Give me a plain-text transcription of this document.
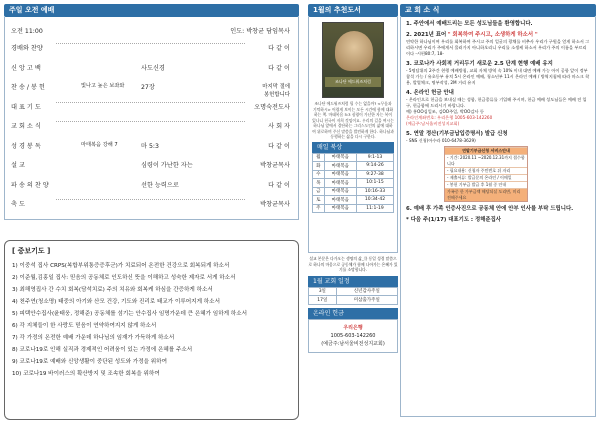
주일 오전 예배
오전 11:00	인도: 박창균 담임목사
경배와 찬양	다 같 이
신 앙 고 백	사도신경	다 같 이
찬 송 / 봉 헌	27장
빛나고 높은 보좌와	마지막 절에
봉헌합니다
대 표 기 도	오명숙전도사
교 회 소 식	사 회 자
성 경 봉 독	마 5:3
마태복음 강해 7	다 같 이
설 교	심령이 가난한 자는	박창균목사
파 송 의 찬 양	선한 능력으로	다 같 이
축 도	박창균목사
[ 중보기도 ]
1) 이중석 집사 CRPS(복합부위통증증후군)가 치료되어 온전한 건강으로 회복되게 하소서
2) 이준월,김홍일 집사: 믿음의 공동체로 인도하신 뜻을 이해하고 성숙한 제자로 서게 하소서
3) 최해영집사 간 수치 회복(담석치료) 주의 치유와 회복케 하심을 간증하게 하소서
4) 천주연(청소명) 태중의 아기와 산모 건강, 기도와 진리로 태교가 이루어지게 하소서
5) 피택안수집사(윤태웅, 정해준) 공동체를 섬기는 안수집사 임명가운데 큰 은혜가 임하게 하소서
6) 각 지체들이 한 사랑도 믿음이 연약하여지지 않게 하소서
7) 각 가정의 온전한 예배 가운데 하나님의 임재가 가득하게 하소서
8) 코로나19로 인해 실직과 경제적인 어려움이 있는 가정에 은혜를 주소서
9) 코로나19로 예배와 신앙생활이 중단된 성도와 가정을 위하여
10) 코로나19 바이러스의 확산방지 및 조속한 회복을 위하여
1월의 추천도서
조나단 에드워즈처럼
조나단 에드워즈처럼 될 수는 없을까? <무릎과 기억하시> 어렵게 보이는 모든 시간에 함께 대화하는 책. 마태복음 5:3 심령이 가난한 자는 복이 있나니 천국이 저희 것임이요. 우리의 길을 여시는 하나님 앞에서 결단하는 그리스도인의 삶에 대하여 위로하며 주신 말씀을 발견하게 한다. 하나님과 동행하는 삶을 다시 구한다.
매일 북상
월	마태복음	9:1-13
화	마태복음	9:14-26
수	마태복음	9:27-38
목	마태복음	10:1-15
금	마태복음	10:16-33
토	마태복음	10:34-42
주	마태복음	11:1-19
설교 본문은 다가오는 생명의 삶_큐 동일 성경 말씀으로 하나의 마음으로 공동체가 함께 나아가는 은혜가 있기를 소망합니다.
1월 교회 일정
3일	신년감사주일
17일	미삼출가주일
온라인 헌금
우리은행
1005-603-142260
(예금주:남서울비전성지교회)
교 회 소 식
1. 주안에서 예배드리는 모든 성도님들을 환영합니다.
2. 2021년 표어 " 회복하여 주시고, 소생하게 하소서 "
연약한 하나님이여 우리를 회복하여 주시고 주의 얼굴의 광채를 비추사 우리가 구원을 얻게 하소서 그리하시면 우리가 주에게서 물러가지 아니하오리니 우리를 소생케 하소서 우리가 주의 이름을 부르리이다 -시편80:7, 18-
3. 코로나가 사회적 거리두기 새로운 2.5 단계 현행 예배 유지
- 5명담위의 2주간 현행 예배방침, 교회 자체 방역 속 10% 이내 대면 예배 가능 아이 공항 앞이 정부 참석 가능 / 유초등부 유치 5시 온라인 예배, 청소년부 11시 온라인 예배 / 방역지침에 따라 마스크 착용, 발열체크, 명부작성, 2M 거리 유지
4. 온라인 헌금 안내
- 온라인으로 헌금을 보내실 때는 성함, 헌금종류를 기입해 주시며, 헌금 예배 성도님들은 예배 전 입구, 헌금함에 드리시기 바랍니다.
예) 홍OO십일조, 김OO주일, 박OO감사 등
온라인계좌번호: 우리은행 1005-603-142260
(예금주:남서울비전성지교회)
5. 연말 정산(기부금납입증명서) 발급 신청
- SNS 신청(아수라 010-6478-3629)
연말기부금신청 서비스안내
- 기간: 2020.11 ~2020.12.31까지 접수합니다
- 필요내용: 신청자 주민번호 뒤 자리
- 제출서류: 발급문의 온라인 / 이메일
- 봉헌 기부금 발급 후 1월 중 안내
가족중 한 가부금액 해당되실 도리면, 미리 전해주세요
6. 예배 후 가족 인증사진으로 공동체 안에 안부 인사를 부탁 드립니다.
* 다음 주(1/17) 대표기도 : 정해준집사
